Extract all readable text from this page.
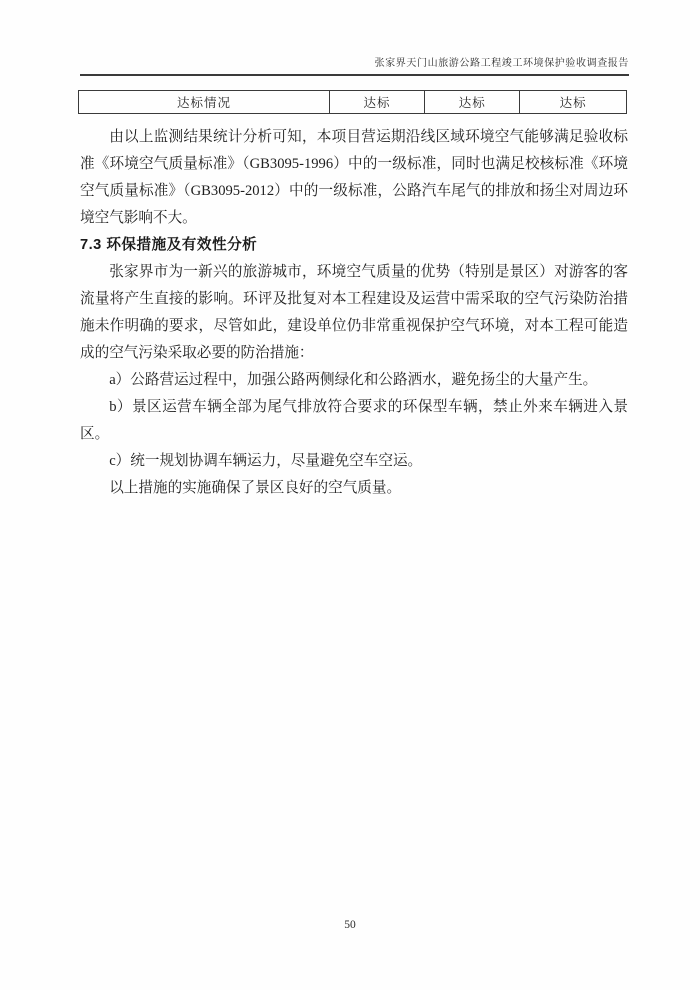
张家界天门山旅游公路工程竣工环境保护验收调查报告
达标情况	达标	达标	达标

由以上监测结果统计分析可知，本项目营运期沿线区域环境空气能够满足验收标准《环境空气质量标准》（GB3095-1996）中的一级标准，同时也满足校核标准《环境空气质量标准》（GB3095-2012）中的一级标准，公路汽车尾气的排放和扬尘对周边环境空气影响不大。

7.3 环保措施及有效性分析

张家界市为一新兴的旅游城市，环境空气质量的优势（特别是景区）对游客的客流量将产生直接的影响。环评及批复对本工程建设及运营中需采取的空气污染防治措施未作明确的要求，尽管如此，建设单位仍非常重视保护空气环境，对本工程可能造成的空气污染采取必要的防治措施：

a）公路营运过程中，加强公路两侧绿化和公路洒水，避免扬尘的大量产生。

b）景区运营车辆全部为尾气排放符合要求的环保型车辆，禁止外来车辆进入景区。

c）统一规划协调车辆运力，尽量避免空车空运。

以上措施的实施确保了景区良好的空气质量。

50
